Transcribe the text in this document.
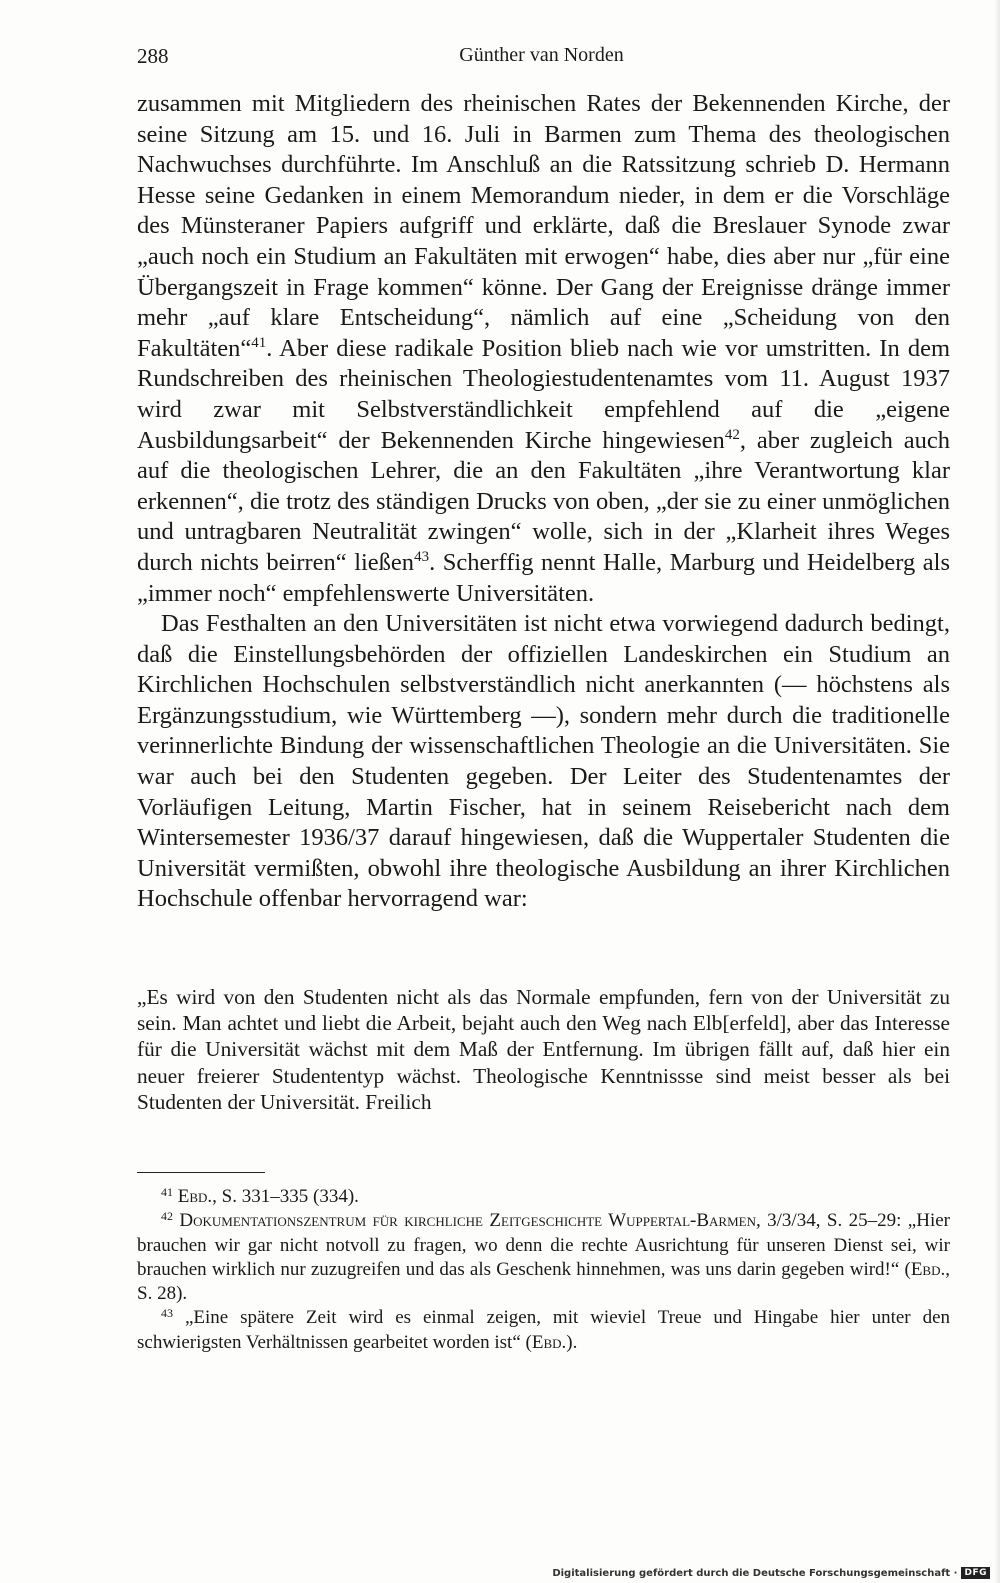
288	Günther van Norden

zusammen mit Mitgliedern des rheinischen Rates der Bekennenden Kirche, der seine Sitzung am 15. und 16. Juli in Barmen zum Thema des theologischen Nachwuchses durchführte. Im Anschluß an die Ratssitzung schrieb D. Hermann Hesse seine Gedanken in einem Memorandum nieder, in dem er die Vorschläge des Münsteraner Papiers aufgriff und erklärte, daß die Breslauer Synode zwar „auch noch ein Studium an Fakultäten mit erwogen“ habe, dies aber nur „für eine Übergangszeit in Frage kommen“ könne. Der Gang der Ereignisse dränge immer mehr „auf klare Entscheidung“, nämlich auf eine „Scheidung von den Fakultäten“$^{41}$. Aber diese radikale Position blieb nach wie vor umstritten. In dem Rundschreiben des rheinischen Theologiestudentenamtes vom 11. August 1937 wird zwar mit Selbstverständlichkeit empfehlend auf die „eigene Ausbildungsarbeit“ der Bekennenden Kirche hingewiesen$^{42}$, aber zugleich auch auf die theologischen Lehrer, die an den Fakultäten „ihre Verantwortung klar erkennen“, die trotz des ständigen Drucks von oben, „der sie zu einer unmöglichen und untragbaren Neutralität zwingen“ wolle, sich in der „Klarheit ihres Weges durch nichts beirren“ ließen$^{43}$. Scherffig nennt Halle, Marburg und Heidelberg als „immer noch“ empfehlenswerte Universitäten.

Das Festhalten an den Universitäten ist nicht etwa vorwiegend dadurch bedingt, daß die Einstellungsbehörden der offiziellen Landeskirchen ein Studium an Kirchlichen Hochschulen selbstverständlich nicht anerkannten (— höchstens als Ergänzungsstudium, wie Württemberg —), sondern mehr durch die traditionelle verinnerlichte Bindung der wissenschaftlichen Theologie an die Universitäten. Sie war auch bei den Studenten gegeben. Der Leiter des Studentenamtes der Vorläufigen Leitung, Martin Fischer, hat in seinem Reisebericht nach dem Wintersemester 1936/37 darauf hingewiesen, daß die Wuppertaler Studenten die Universität vermißten, obwohl ihre theologische Ausbildung an ihrer Kirchlichen Hochschule offenbar hervorragend war:

„Es wird von den Studenten nicht als das Normale empfunden, fern von der Universität zu sein. Man achtet und liebt die Arbeit, bejaht auch den Weg nach Elb[erfeld], aber das Interesse für die Universität wächst mit dem Maß der Entfernung. Im übrigen fällt auf, daß hier ein neuer freierer Studententyp wächst. Theologische Kenntnissse sind meist besser als bei Studenten der Universität. Freilich

$^{41}$ Ebd., S. 331–335 (334).

$^{42}$ Dokumentationszentrum für kirchliche Zeitgeschichte Wuppertal-Barmen, 3/3/34, S. 25–29: „Hier brauchen wir gar nicht notvoll zu fragen, wo denn die rechte Ausrichtung für unseren Dienst sei, wir brauchen wirklich nur zuzugreifen und das als Geschenk hinnehmen, was uns darin gegeben wird!“ (Ebd., S. 28).

$^{43}$ „Eine spätere Zeit wird es einmal zeigen, mit wieviel Treue und Hingabe hier unter den schwierigsten Verhältnissen gearbeitet worden ist“ (Ebd.).

Digitalisierung gefördert durch die Deutsche Forschungsgemeinschaft · DFG
